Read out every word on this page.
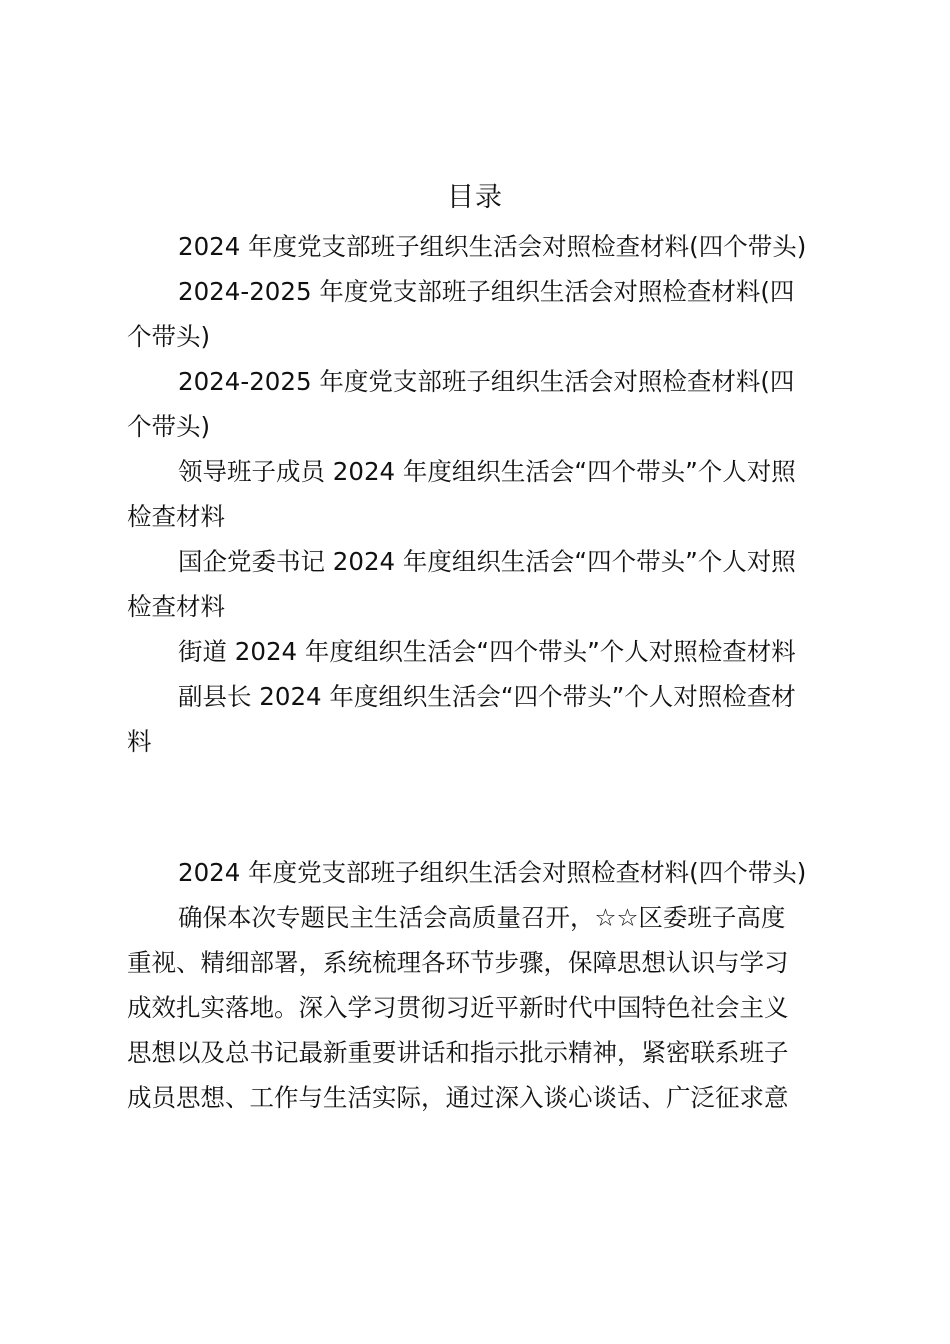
目录

2024 年度党支部班子组织生活会对照检查材料(四个带头)

2024-2025 年度党支部班子组织生活会对照检查材料(四
个带头)

2024-2025 年度党支部班子组织生活会对照检查材料(四
个带头)

领导班子成员 2024 年度组织生活会“四个带头”个人对照
检查材料

国企党委书记 2024 年度组织生活会“四个带头”个人对照
检查材料

街道 2024 年度组织生活会“四个带头”个人对照检查材料

副县长 2024 年度组织生活会“四个带头”个人对照检查材
料

2024 年度党支部班子组织生活会对照检查材料(四个带头)

确保本次专题民主生活会高质量召开，☆☆区委班子高度
重视、精细部署，系统梳理各环节步骤，保障思想认识与学习
成效扎实落地。深入学习贯彻习近平新时代中国特色社会主义
思想以及总书记最新重要讲话和指示批示精神，紧密联系班子
成员思想、工作与生活实际，通过深入谈心谈话、广泛征求意
